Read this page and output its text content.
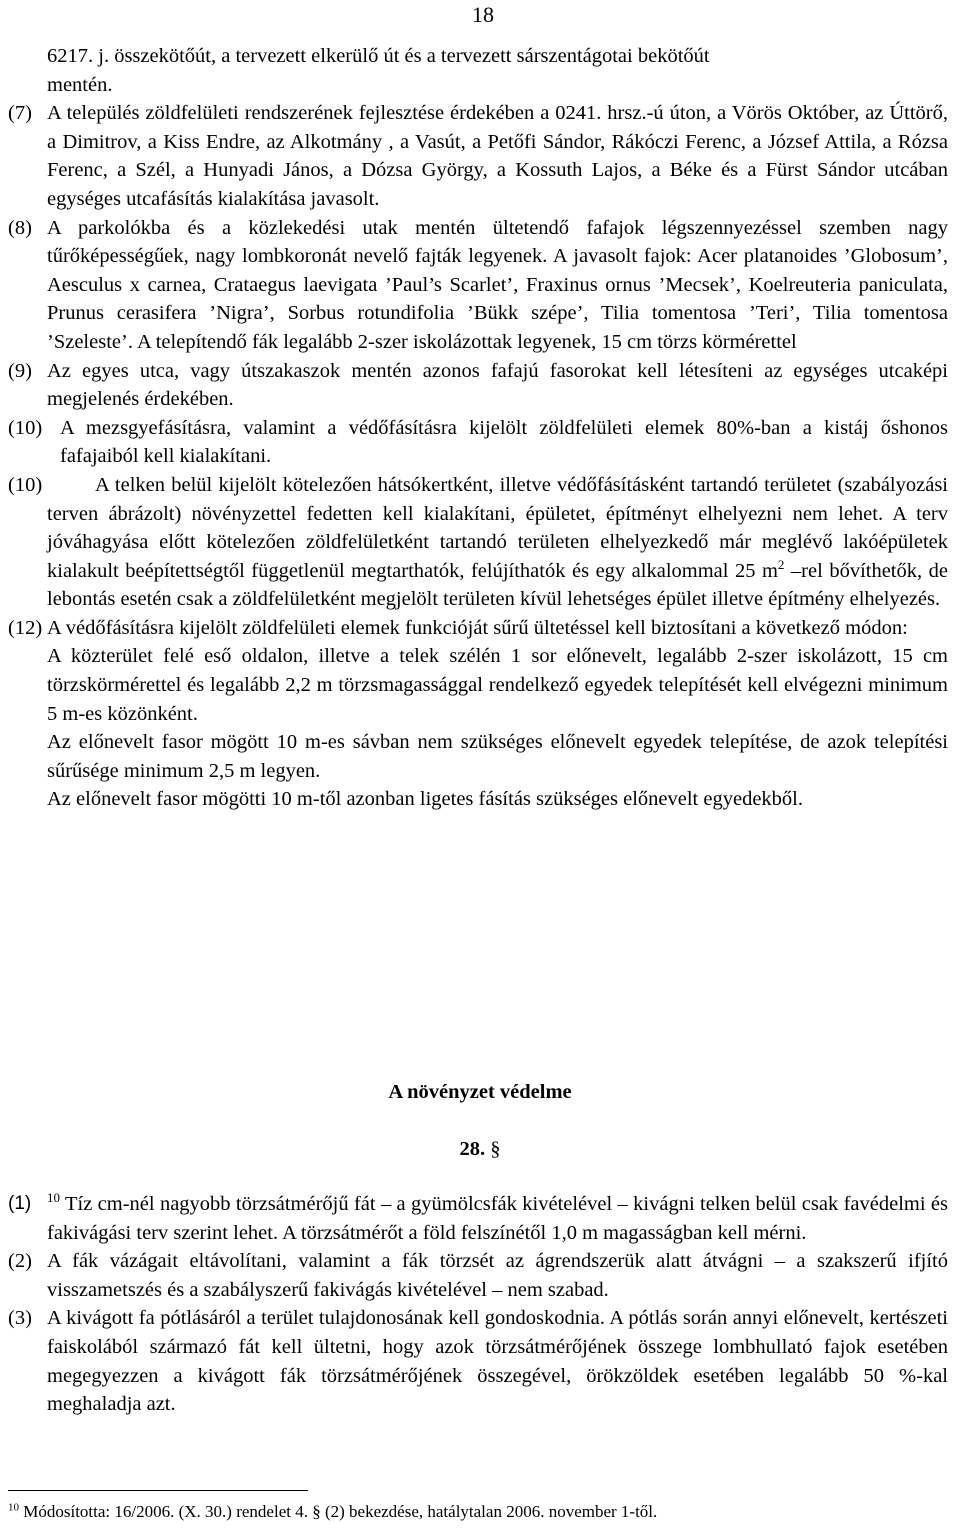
18

6217. j. összekötőút, a tervezett elkerülő út és a tervezett sárszentágotai bekötőút

mentén.

(7) A település zöldfelületi rendszerének fejlesztése érdekében a 0241. hrsz.-ú úton, a Vörös Október, az Úttörő, a Dimitrov, a Kiss Endre, az Alkotmány , a Vasút, a Petőfi Sándor, Rákóczi Ferenc, a József Attila, a Rózsa Ferenc, a Szél, a Hunyadi János, a Dózsa György, a Kossuth Lajos, a Béke és a Fürst Sándor utcában egységes utcafásítás kialakítása javasolt.

(8) A parkolókba és a közlekedési utak mentén ültetendő fafajok légszennyezéssel szemben nagy tűrőképességűek, nagy lombkoronát nevelő fajták legyenek. A javasolt fajok: Acer platanoides ’Globosum’, Aesculus x carnea, Crataegus laevigata ’Paul’s Scarlet’, Fraxinus ornus ’Mecsek’, Koelreuteria paniculata, Prunus cerasifera ’Nigra’, Sorbus rotundifolia ’Bükk szépe’, Tilia tomentosa ’Teri’, Tilia tomentosa ’Szeleste’. A telepítendő fák legalább 2-szer iskolázottak legyenek, 15 cm törzs körmérettel

(9) Az egyes utca, vagy útszakaszok mentén azonos fafajú fasorokat kell létesíteni az egységes utcaképi megjelenés érdekében.

(10) A mezsgyefásításra, valamint a védőfásításra kijelölt zöldfelületi elemek 80%-ban a kistáj őshonos fafajaiból kell kialakítani.

(10)	A telken belül kijelölt kötelezően hátsókertként, illetve védőfásításként tartandó területet (szabályozási terven ábrázolt) növényzettel fedetten kell kialakítani, épületet, építményt elhelyezni nem lehet. A terv jóváhagyása előtt kötelezően zöldfelületként tartandó területen elhelyezkedő már meglévő lakóépületek kialakult beépítettségtől függetlenül megtarthatók, felújíthatók és egy alkalommal 25 $m^2$ –rel bővíthetők, de lebontás esetén csak a zöldfelületként megjelölt területen kívül lehetséges épület illetve építmény elhelyezés.

(12) A védőfásításra kijelölt zöldfelületi elemek funkcióját sűrű ültetéssel kell biztosítani a következő módon:

A közterület felé eső oldalon, illetve a telek szélén 1 sor előnevelt, legalább 2-szer iskolázott, 15 cm törzskörmérettel és legalább 2,2 m törzsmagassággal rendelkező egyedek telepítését kell elvégezni minimum 5 m-es közönként.

Az előnevelt fasor mögött 10 m-es sávban nem szükséges előnevelt egyedek telepítése, de azok telepítési sűrűsége minimum 2,5 m legyen.

Az előnevelt fasor mögötti 10 m-től azonban ligetes fásítás szükséges előnevelt egyedekből.

A növényzet védelme

28. §

(1) $^{10}$ Tíz cm-nél nagyobb törzsátmérőjű fát – a gyümölcsfák kivételével – kivágni telken belül csak favédelmi és fakivágási terv szerint lehet. A törzsátmérőt a föld felszínétől 1,0 m magasságban kell mérni.

(2) A fák vázágait eltávolítani, valamint a fák törzsét az ágrendszerük alatt átvágni – a szakszerű ifjító visszametszés és a szabályszerű fakivágás kivételével – nem szabad.

(3) A kivágott fa pótlásáról a terület tulajdonosának kell gondoskodnia. A pótlás során annyi előnevelt, kertészeti faiskolából származó fát kell ültetni, hogy azok törzsátmérőjének összege lombhullató fajok esetében megegyezzen a kivágott fák törzsátmérőjének összegével, örökzöldek esetében legalább 50 %-kal meghaladja azt.

$^{10}$ Módosította: 16/2006. (X. 30.) rendelet 4. § (2) bekezdése, hatálytalan 2006. november 1-től.
